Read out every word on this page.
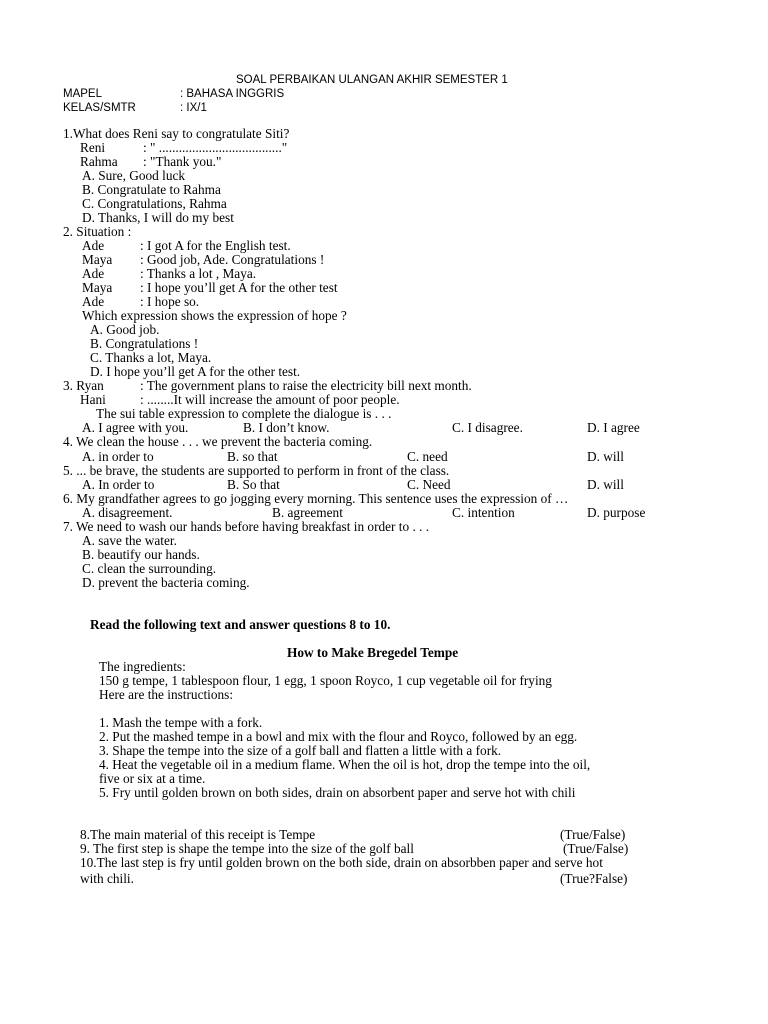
SOAL PERBAIKAN ULANGAN AKHIR SEMESTER 1
MAPEL	: BAHASA INGGRIS
KELAS/SMTR	: IX/1
1.What does Reni say to congratulate Siti?
Reni	: " ....................................."
Rahma : "Thank you."
A. Sure, Good luck
B. Congratulate to Rahma
C. Congratulations, Rahma
D. Thanks, I will do my best
2. Situation :
Ade	: I got A for the English test.
Maya : Good job, Ade. Congratulations !
Ade	: Thanks a lot , Maya.
Maya : I hope you’ll get A for the other test
Ade	: I hope so.
Which expression shows the expression of hope ?
A. Good job.
B. Congratulations !
C. Thanks a lot, Maya.
D. I hope you’ll get A for the other test.
3. Ryan	: The government plans to raise the electricity bill next month.
Hani	: ........It will increase the amount of poor people.
The sui table expression to complete the dialogue is . . .
A. I agree with you.	B. I don’t know.	C. I disagree.	D. I agree
4. We clean the house . . . we prevent the bacteria coming.
A. in order to	B. so that	C. need	D. will
5. ... be brave, the students are supported to perform in front of the class.
A. In order to	B. So that	C. Need	D. will
6. My grandfather agrees to go jogging every morning. This sentence uses the expression of …
A. disagreement.	B. agreement	C. intention	D. purpose
7. We need to wash our hands before having breakfast in order to . . .
A. save the water.
B. beautify our hands.
C. clean the surrounding.
D. prevent the bacteria coming.
Read the following text and answer questions 8 to 10.
How to Make Bregedel Tempe
The ingredients:
150 g tempe, 1 tablespoon flour, 1 egg, 1 spoon Royco, 1 cup vegetable oil for frying
Here are the instructions:
1. Mash the tempe with a fork.
2. Put the mashed tempe in a bowl and mix with the flour and Royco, followed by an egg.
3. Shape the tempe into the size of a golf ball and flatten a little with a fork.
4. Heat the vegetable oil in a medium flame. When the oil is hot, drop the tempe into the oil,
five or six at a time.
5. Fry until golden brown on both sides, drain on absorbent paper and serve hot with chili
8.The main material of this receipt is Tempe	(True/False)
9. The first step is shape the tempe into the size of the golf ball	(True/False)
10.The last step is fry until golden brown on the both side, drain on absorbben paper and serve hot
with chili.	(True?False)
